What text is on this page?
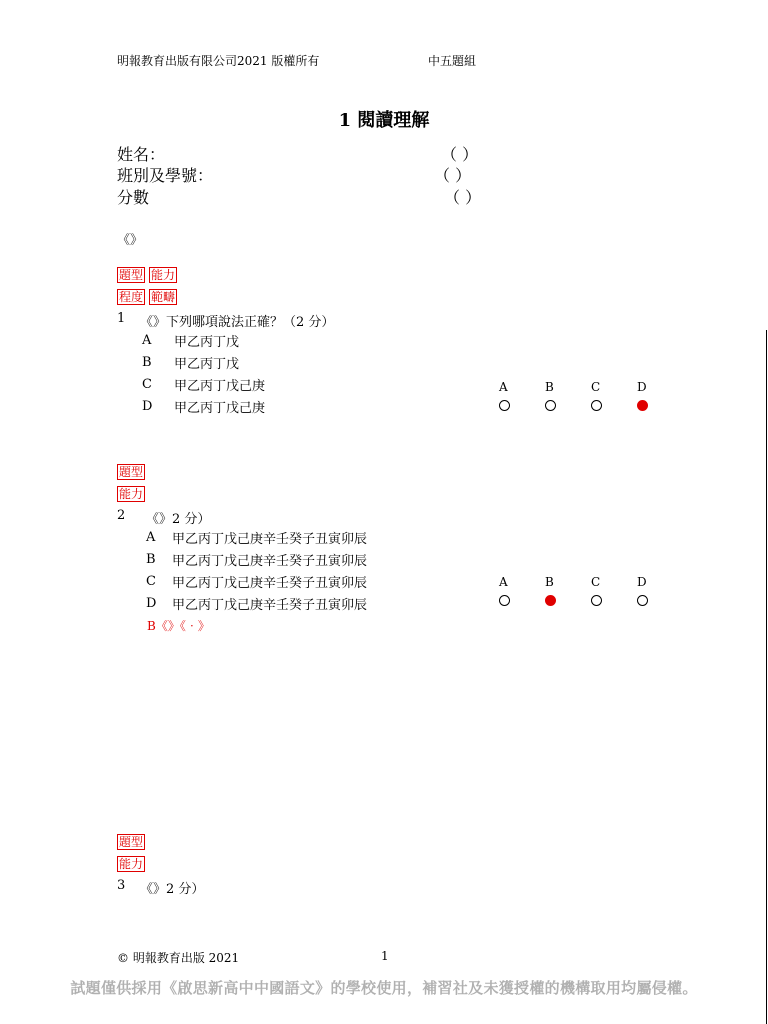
明報教育出版有限公司2021 版權所有	中五題組
1 閱讀理解
姓名：	（ ）
班別及學號：	（ ）
分數	（ ）
《》
題型 能力
程度 範疇
1 《》下列哪項說法正確？（2 分）
A	甲乙丙丁戊
B	甲乙丙丁戊
C	甲乙丙丁戊己庚
D	甲乙丙丁戊己庚
A	B	C	D
題型
能力
2 《》2 分）
A	甲乙丙丁戊己庚辛壬癸子丑寅卯辰
B	甲乙丙丁戊己庚辛壬癸子丑寅卯辰
C	甲乙丙丁戊己庚辛壬癸子丑寅卯辰
D	甲乙丙丁戊己庚辛壬癸子丑寅卯辰
A	B	C	D
B《》《‧》
題型
能力
3 《》2 分）
© 明報教育出版 2021	1
試題僅供採用《啟思新高中中國語文》的學校使用，補習社及未獲授權的機構取用均屬侵權。
